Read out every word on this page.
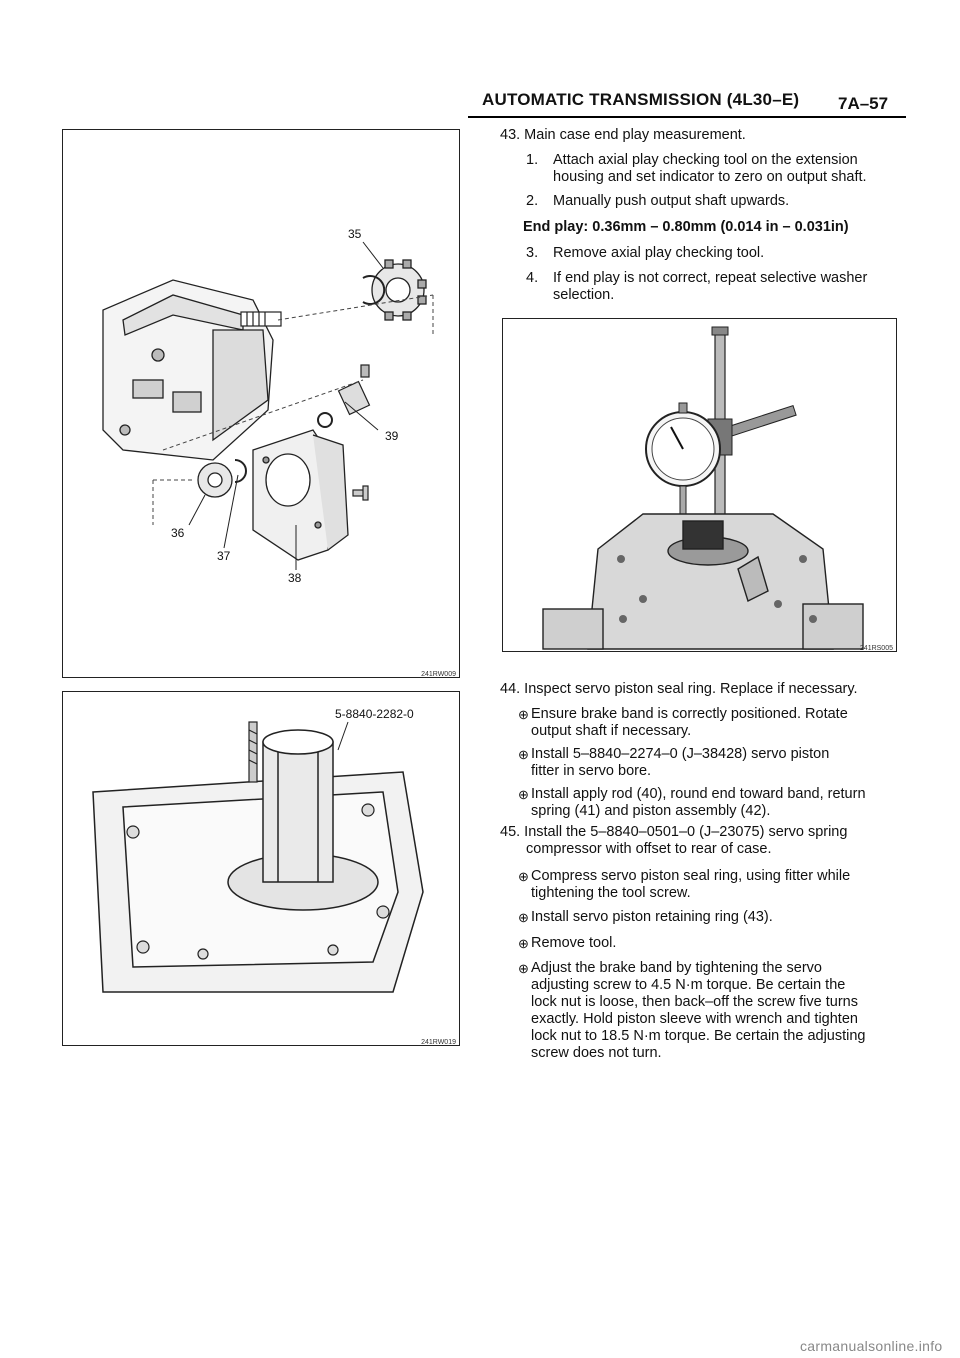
AUTOMATIC TRANSMISSION (4L30–E) 7A–57
35
36
37
38
39
241RW009
5-8840-2282-0
241RW019
241RS005
43. Main case end play measurement.
1. Attach axial play checking tool on the extension
housing and set indicator to zero on output shaft.
2. Manually push output shaft upwards.
End play: 0.36mm – 0.80mm (0.014 in – 0.031in)
3. Remove axial play checking tool.
4. If end play is not correct, repeat selective washer
selection.
44. Inspect servo piston seal ring. Replace if necessary.
⊕ Ensure brake band is correctly positioned. Rotate
output shaft if necessary.
⊕ Install 5–8840–2274–0 (J–38428) servo piston
fitter in servo bore.
⊕ Install apply rod (40), round end toward band, return
spring (41) and piston assembly (42).
45. Install the 5–8840–0501–0 (J–23075) servo spring
compressor with offset to rear of case.
⊕ Compress servo piston seal ring, using fitter while
tightening the tool screw.
⊕ Install servo piston retaining ring (43).
⊕ Remove tool.
⊕ Adjust the brake band by tightening the servo
adjusting screw to 4.5 N·m torque. Be certain the
lock nut is loose, then back–off the screw five turns
exactly. Hold piston sleeve with wrench and tighten
lock nut to 18.5 N·m torque. Be certain the adjusting
screw does not turn.
carmanualsonline.info
